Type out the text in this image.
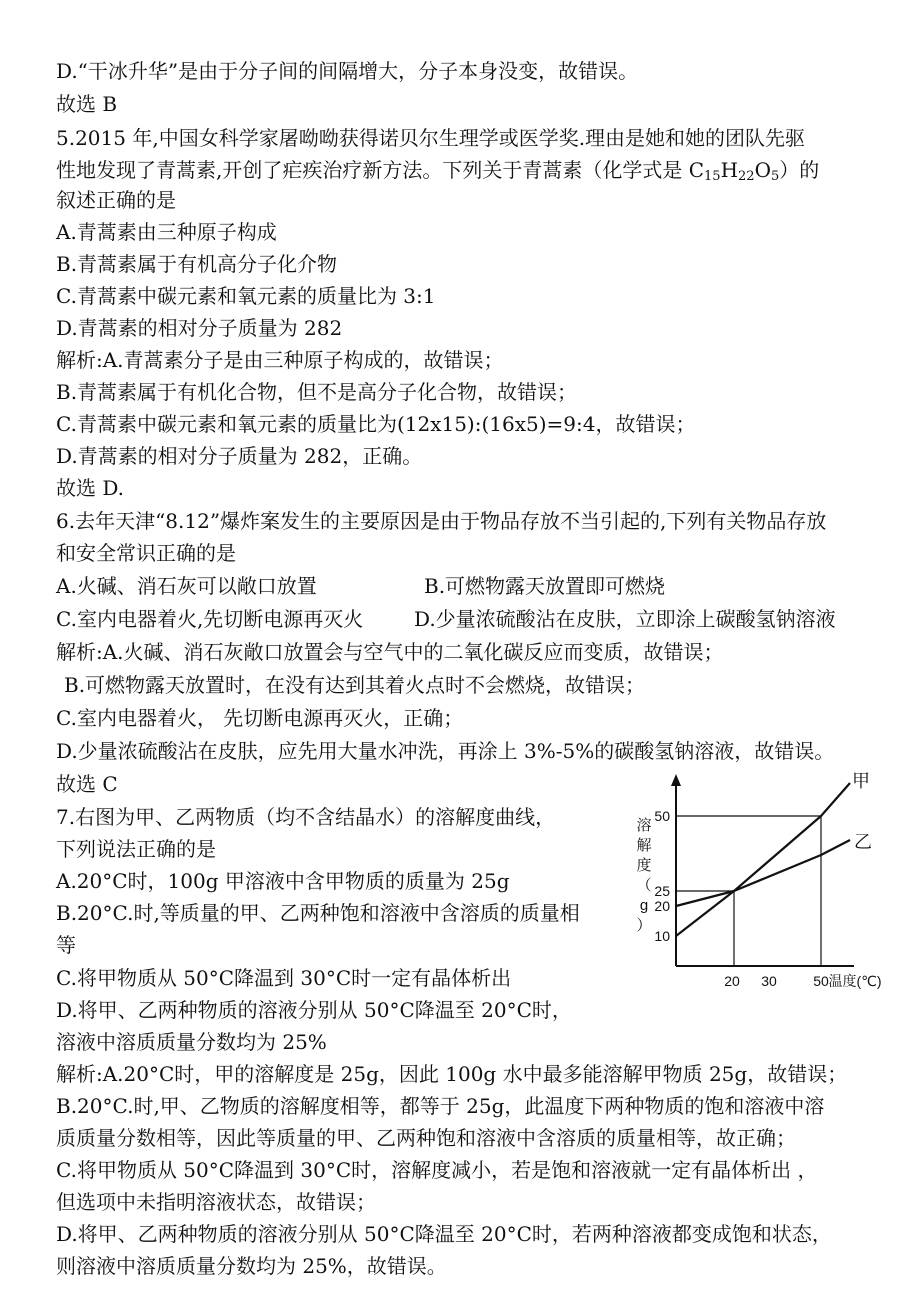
D.“干冰升华”是由于分子间的间隔增大，分子本身没变，故错误。
故选 B
5.2015 年,中国女科学家屠呦呦获得诺贝尔生理学或医学奖.理由是她和她的团队先驱
性地发现了青蒿素,开创了疟疾治疗新方法。下列关于青蒿素（化学式是 $C_{15}H_{22}O_5$）的
叙述正确的是
A.青蒿素由三种原子构成
B.青蒿素属于有机高分子化介物
C.青蒿素中碳元素和氧元素的质量比为 3:1
D.青蒿素的相对分子质量为 282
解析:A.青蒿素分子是由三种原子构成的，故错误；
B.青蒿素属于有机化合物，但不是高分子化合物，故错误；
C.青蒿素中碳元素和氧元素的质量比为(12x15):(16x5)=9:4，故错误；
D.青蒿素的相对分子质量为 282，正确。
故选 D.
6.去年天津“8.12”爆炸案发生的主要原因是由于物品存放不当引起的,下列有关物品存放
和安全常识正确的是
A.火碱、消石灰可以敞口放置	B.可燃物露天放置即可燃烧
C.室内电器着火,先切断电源再灭火	D.少量浓硫酸沾在皮肤，立即涂上碳酸氢钠溶液
解析:A.火碱、消石灰敞口放置会与空气中的二氧化碳反应而变质，故错误；
B.可燃物露天放置时，在没有达到其着火点时不会燃烧，故错误；
C.室内电器着火， 先切断电源再灭火，正确；
D.少量浓硫酸沾在皮肤，应先用大量水冲洗，再涂上 3%-5%的碳酸氢钠溶液，故错误。
故选 C
7.右图为甲、乙两物质（均不含结晶水）的溶解度曲线，
下列说法正确的是
A.20°C时，100g 甲溶液中含甲物质的质量为 25g
B.20°C.时,等质量的甲、乙两种饱和溶液中含溶质的质量相
等
C.将甲物质从 50°C降温到 30°C时一定有晶体析出
D.将甲、乙两种物质的溶液分别从 50°C降温至 20°C时，
溶液中溶质质量分数均为 25%
解析:A.20°C时，甲的溶解度是 25g，因此 100g 水中最多能溶解甲物质 25g，故错误；
B.20°C.时,甲、乙物质的溶解度相等，都等于 25g，此温度下两种物质的饱和溶液中溶
质质量分数相等，因此等质量的甲、乙两种饱和溶液中含溶质的质量相等，故正确；
C.将甲物质从 50°C降温到 30°C时，溶解度减小，若是饱和溶液就一定有晶体析出 ，
但选项中未指明溶液状态，故错误；
D.将甲、乙两种物质的溶液分别从 50°C降温至 20°C时，若两种溶液都变成饱和状态，
则溶液中溶质质量分数均为 25%，故错误。
甲
乙
10
20
25
50
20 30	50 温度(℃)
溶
解
度
（
g
）
